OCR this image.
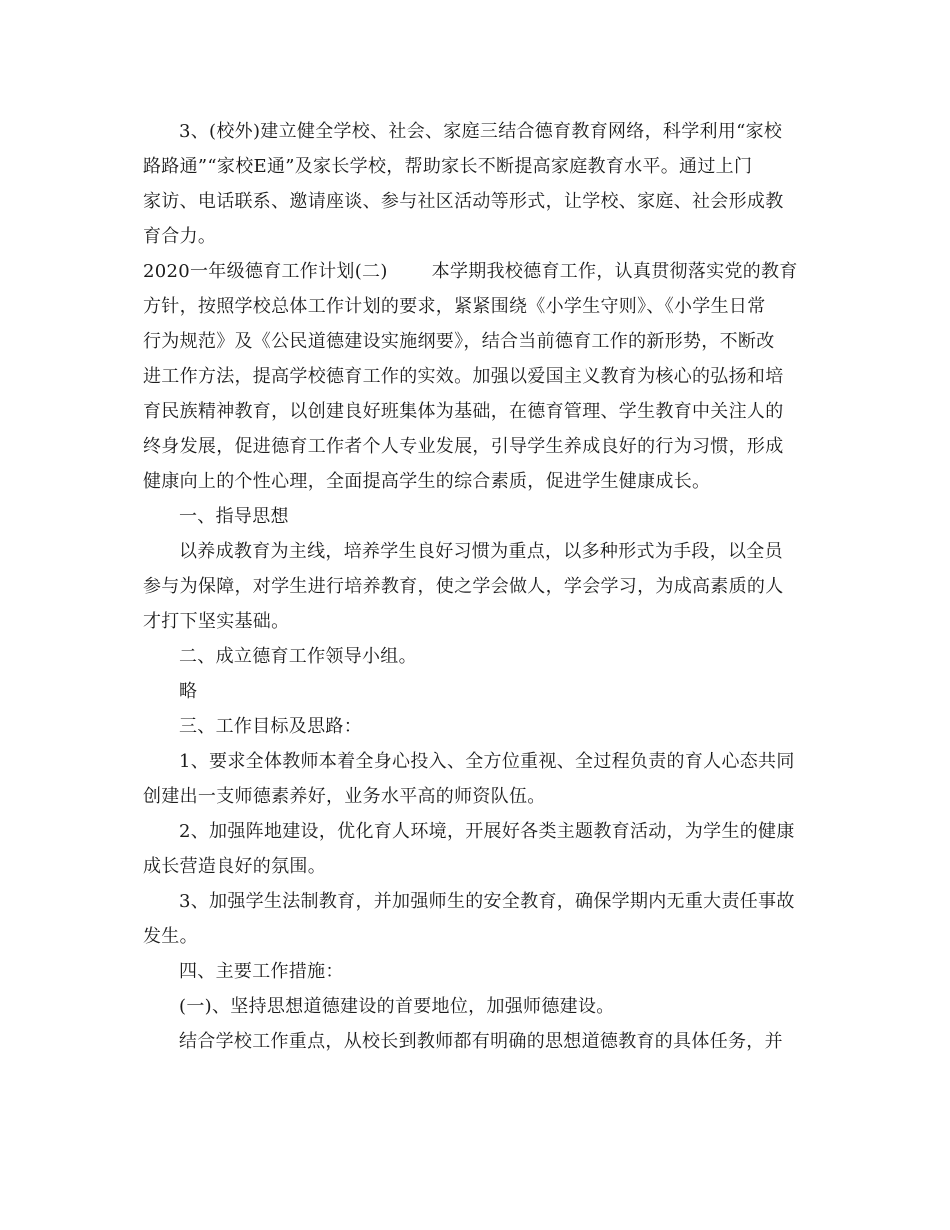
3、(校外)建立健全学校、社会、家庭三结合德育教育网络，科学利用“家校
路路通”“家校E通”及家长学校，帮助家长不断提高家庭教育水平。通过上门
家访、电话联系、邀请座谈、参与社区活动等形式，让学校、家庭、社会形成教
育合力。

2020一年级德育工作计划(二) 本学期我校德育工作，认真贯彻落实党的教育
方针，按照学校总体工作计划的要求，紧紧围绕《小学生守则》、《小学生日常
行为规范》及《公民道德建设实施纲要》，结合当前德育工作的新形势，不断改
进工作方法，提高学校德育工作的实效。加强以爱国主义教育为核心的弘扬和培
育民族精神教育，以创建良好班集体为基础，在德育管理、学生教育中关注人的
终身发展，促进德育工作者个人专业发展，引导学生养成良好的行为习惯，形成
健康向上的个性心理，全面提高学生的综合素质，促进学生健康成长。

一、指导思想

以养成教育为主线，培养学生良好习惯为重点，以多种形式为手段，以全员
参与为保障，对学生进行培养教育，使之学会做人，学会学习，为成高素质的人
才打下坚实基础。

二、成立德育工作领导小组。

略

三、工作目标及思路：

1、要求全体教师本着全身心投入、全方位重视、全过程负责的育人心态共同
创建出一支师德素养好，业务水平高的师资队伍。

2、加强阵地建设，优化育人环境，开展好各类主题教育活动，为学生的健康
成长营造良好的氛围。

3、加强学生法制教育，并加强师生的安全教育，确保学期内无重大责任事故
发生。

四、主要工作措施：

(一)、坚持思想道德建设的首要地位，加强师德建设。

结合学校工作重点，从校长到教师都有明确的思想道德教育的具体任务，并
